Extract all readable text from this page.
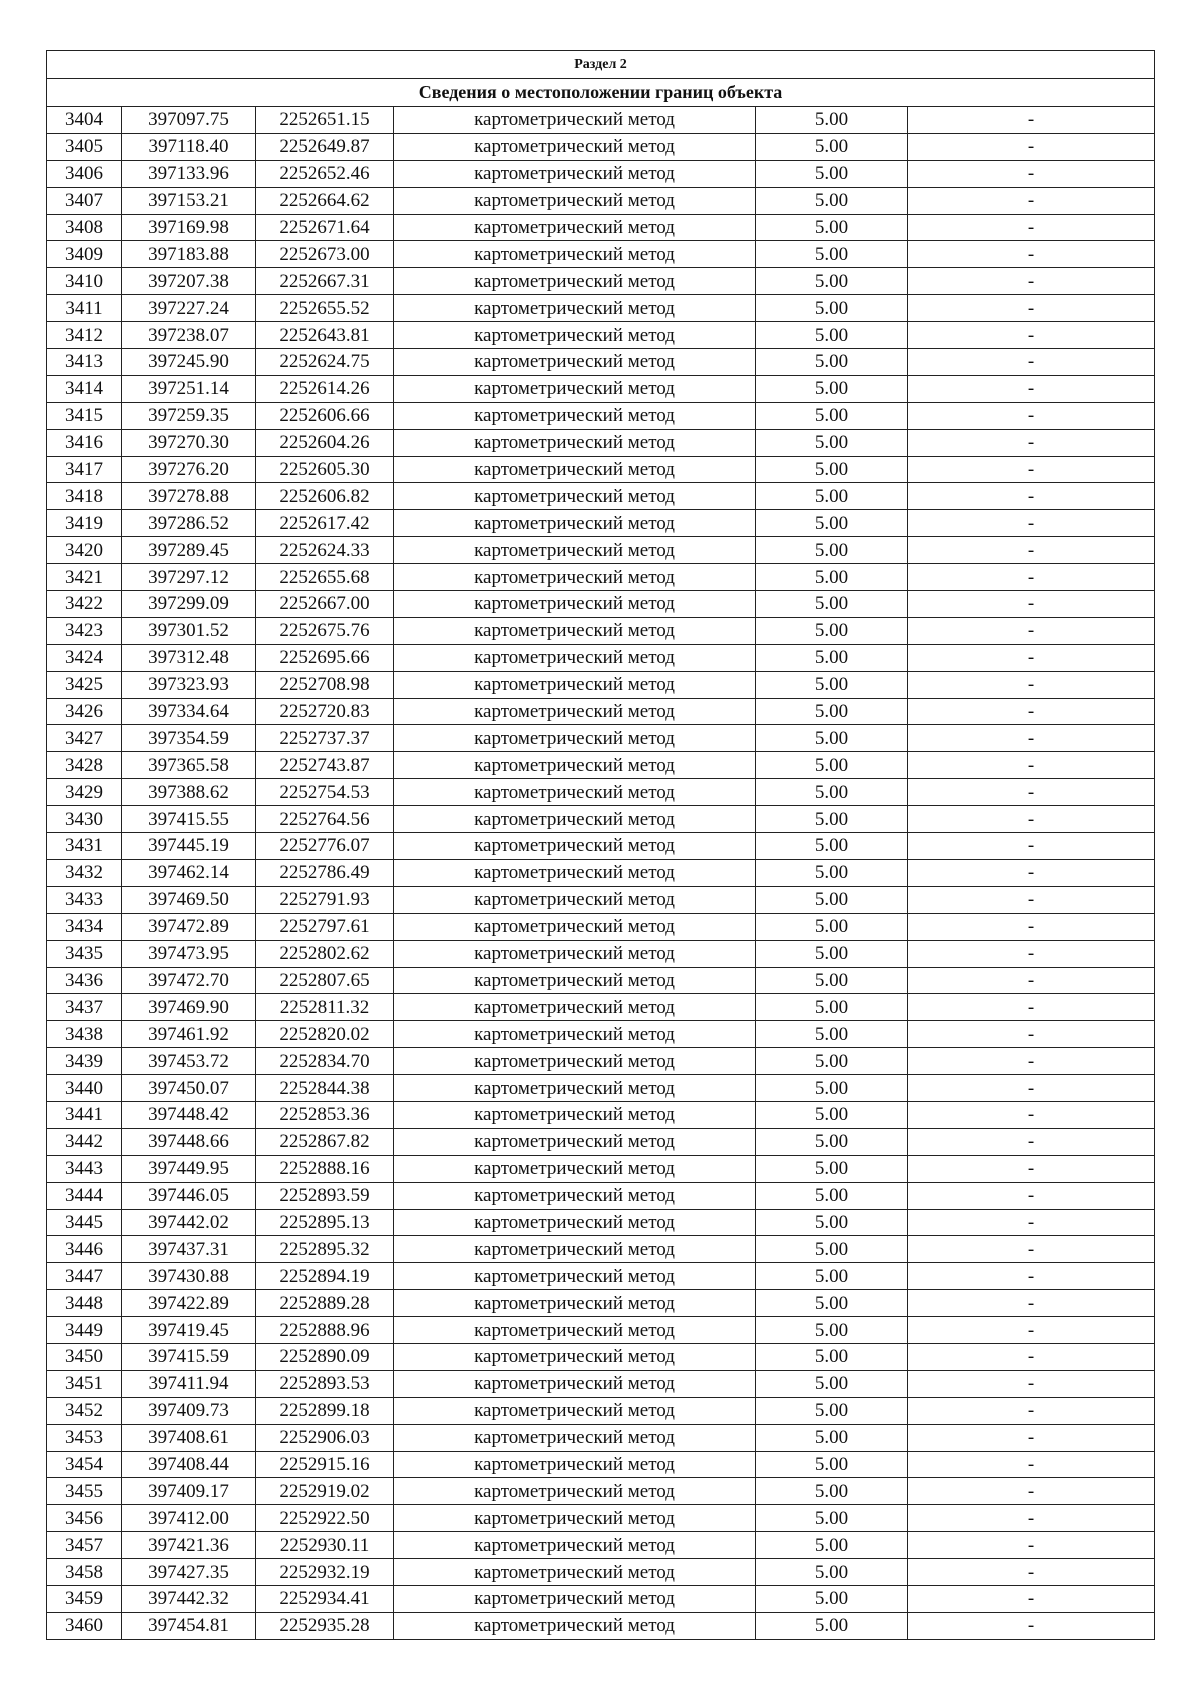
Раздел 2					
Сведения о местоположении границ объекта					
3404	397097.75	2252651.15	картометрический метод	5.00	-
3405	397118.40	2252649.87	картометрический метод	5.00	-
3406	397133.96	2252652.46	картометрический метод	5.00	-
3407	397153.21	2252664.62	картометрический метод	5.00	-
3408	397169.98	2252671.64	картометрический метод	5.00	-
3409	397183.88	2252673.00	картометрический метод	5.00	-
3410	397207.38	2252667.31	картометрический метод	5.00	-
3411	397227.24	2252655.52	картометрический метод	5.00	-
3412	397238.07	2252643.81	картометрический метод	5.00	-
3413	397245.90	2252624.75	картометрический метод	5.00	-
3414	397251.14	2252614.26	картометрический метод	5.00	-
3415	397259.35	2252606.66	картометрический метод	5.00	-
3416	397270.30	2252604.26	картометрический метод	5.00	-
3417	397276.20	2252605.30	картометрический метод	5.00	-
3418	397278.88	2252606.82	картометрический метод	5.00	-
3419	397286.52	2252617.42	картометрический метод	5.00	-
3420	397289.45	2252624.33	картометрический метод	5.00	-
3421	397297.12	2252655.68	картометрический метод	5.00	-
3422	397299.09	2252667.00	картометрический метод	5.00	-
3423	397301.52	2252675.76	картометрический метод	5.00	-
3424	397312.48	2252695.66	картометрический метод	5.00	-
3425	397323.93	2252708.98	картометрический метод	5.00	-
3426	397334.64	2252720.83	картометрический метод	5.00	-
3427	397354.59	2252737.37	картометрический метод	5.00	-
3428	397365.58	2252743.87	картометрический метод	5.00	-
3429	397388.62	2252754.53	картометрический метод	5.00	-
3430	397415.55	2252764.56	картометрический метод	5.00	-
3431	397445.19	2252776.07	картометрический метод	5.00	-
3432	397462.14	2252786.49	картометрический метод	5.00	-
3433	397469.50	2252791.93	картометрический метод	5.00	-
3434	397472.89	2252797.61	картометрический метод	5.00	-
3435	397473.95	2252802.62	картометрический метод	5.00	-
3436	397472.70	2252807.65	картометрический метод	5.00	-
3437	397469.90	2252811.32	картометрический метод	5.00	-
3438	397461.92	2252820.02	картометрический метод	5.00	-
3439	397453.72	2252834.70	картометрический метод	5.00	-
3440	397450.07	2252844.38	картометрический метод	5.00	-
3441	397448.42	2252853.36	картометрический метод	5.00	-
3442	397448.66	2252867.82	картометрический метод	5.00	-
3443	397449.95	2252888.16	картометрический метод	5.00	-
3444	397446.05	2252893.59	картометрический метод	5.00	-
3445	397442.02	2252895.13	картометрический метод	5.00	-
3446	397437.31	2252895.32	картометрический метод	5.00	-
3447	397430.88	2252894.19	картометрический метод	5.00	-
3448	397422.89	2252889.28	картометрический метод	5.00	-
3449	397419.45	2252888.96	картометрический метод	5.00	-
3450	397415.59	2252890.09	картометрический метод	5.00	-
3451	397411.94	2252893.53	картометрический метод	5.00	-
3452	397409.73	2252899.18	картометрический метод	5.00	-
3453	397408.61	2252906.03	картометрический метод	5.00	-
3454	397408.44	2252915.16	картометрический метод	5.00	-
3455	397409.17	2252919.02	картометрический метод	5.00	-
3456	397412.00	2252922.50	картометрический метод	5.00	-
3457	397421.36	2252930.11	картометрический метод	5.00	-
3458	397427.35	2252932.19	картометрический метод	5.00	-
3459	397442.32	2252934.41	картометрический метод	5.00	-
3460	397454.81	2252935.28	картометрический метод	5.00	-
